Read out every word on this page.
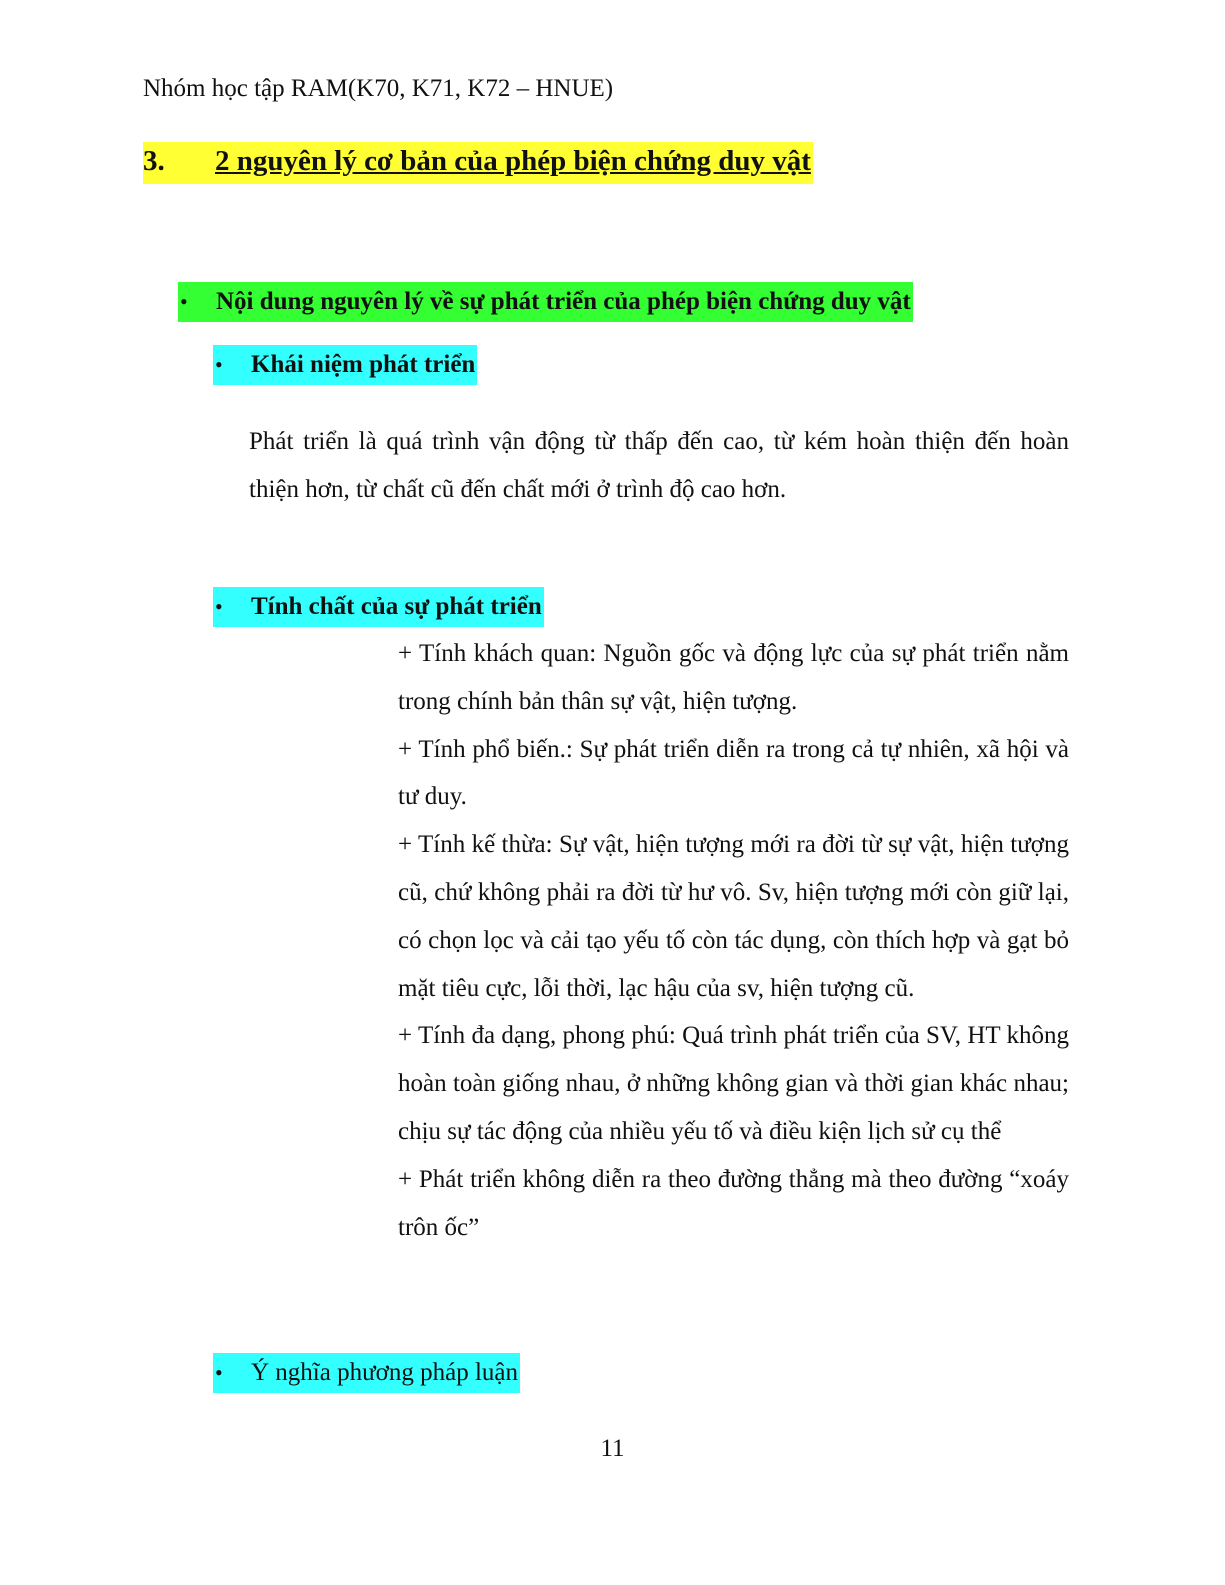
Nhóm học tập RAM(K70, K71, K72 – HNUE)
3. 2 nguyên lý cơ bản của phép biện chứng duy vật
•	Nội dung nguyên lý về sự phát triển của phép biện chứng duy vật
•	Khái niệm phát triển

Phát triển là quá trình vận động từ thấp đến cao, từ kém hoàn thiện đến hoàn thiện hơn, từ chất cũ đến chất mới ở trình độ cao hơn.

•	Tính chất của sự phát triển
+ Tính khách quan: Nguồn gốc và động lực của sự phát triển nằm trong chính bản thân sự vật, hiện tượng.
+ Tính phổ biến.: Sự phát triển diễn ra trong cả tự nhiên, xã hội và tư duy.
+ Tính kế thừa: Sự vật, hiện tượng mới ra đời từ sự vật, hiện tượng cũ, chứ không phải ra đời từ hư vô. Sv, hiện tượng mới còn giữ lại, có chọn lọc và cải tạo yếu tố còn tác dụng, còn thích hợp và gạt bỏ mặt tiêu cực, lỗi thời, lạc hậu của sv, hiện tượng cũ.
+ Tính đa dạng, phong phú: Quá trình phát triển của SV, HT không hoàn toàn giống nhau, ở những không gian và thời gian khác nhau; chịu sự tác động của nhiều yếu tố và điều kiện lịch sử cụ thể
+ Phát triển không diễn ra theo đường thẳng mà theo đường “xoáy trôn ốc”
•	Ý nghĩa phương pháp luận
11
